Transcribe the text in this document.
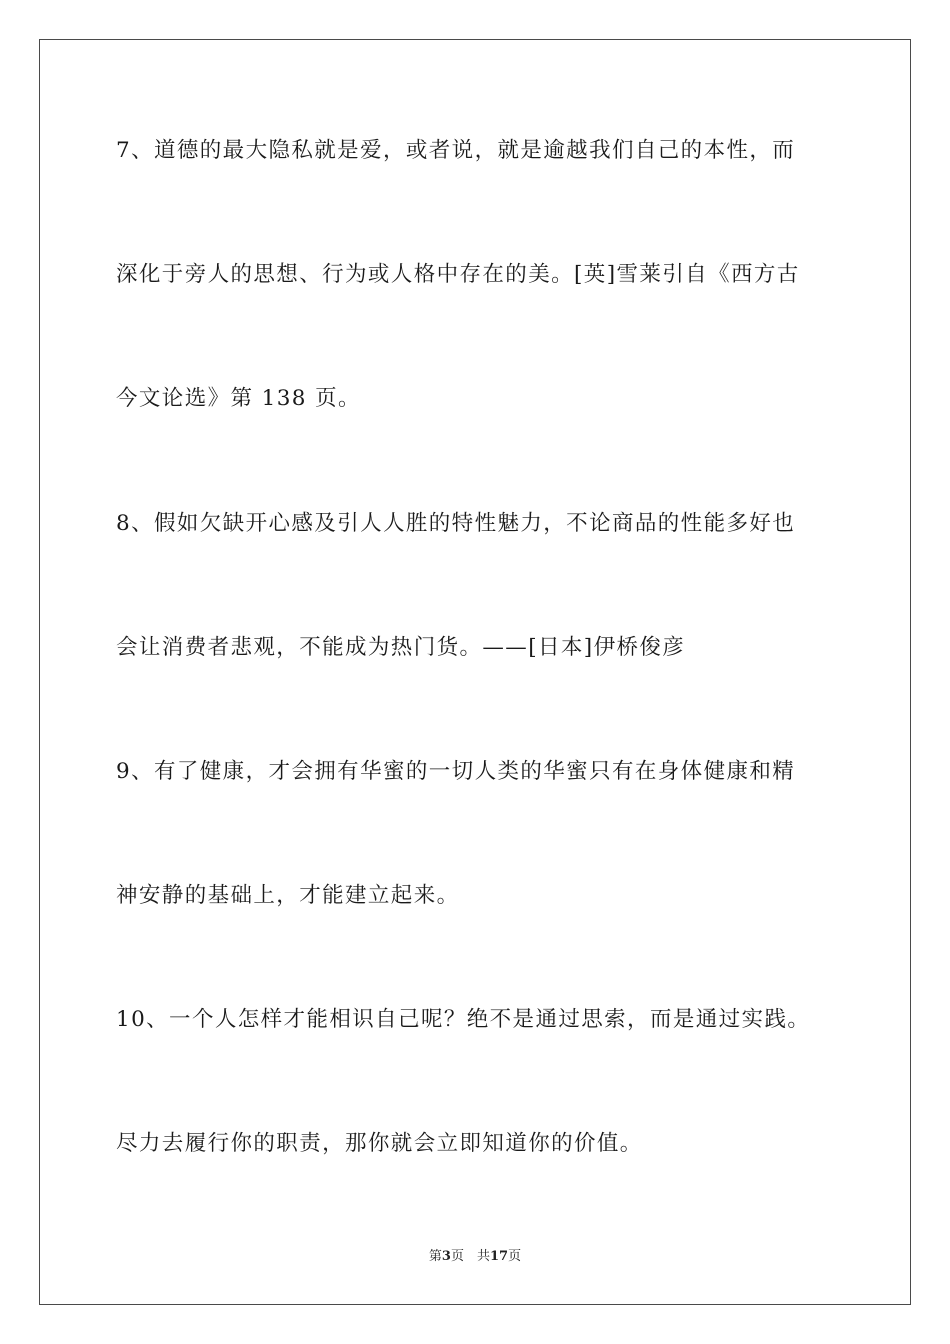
7、道德的最大隐私就是爱，或者说，就是逾越我们自己的本性，而
深化于旁人的思想、行为或人格中存在的美。[英]雪莱引自《西方古
今文论选》第 138 页。
8、假如欠缺开心感及引人人胜的特性魅力，不论商品的性能多好也
会让消费者悲观，不能成为热门货。——[日本]伊桥俊彦
9、有了健康，才会拥有华蜜的一切人类的华蜜只有在身体健康和精
神安静的基础上，才能建立起来。
10、一个人怎样才能相识自己呢？绝不是通过思索，而是通过实践。
尽力去履行你的职责，那你就会立即知道你的价值。
第3页　共17页
